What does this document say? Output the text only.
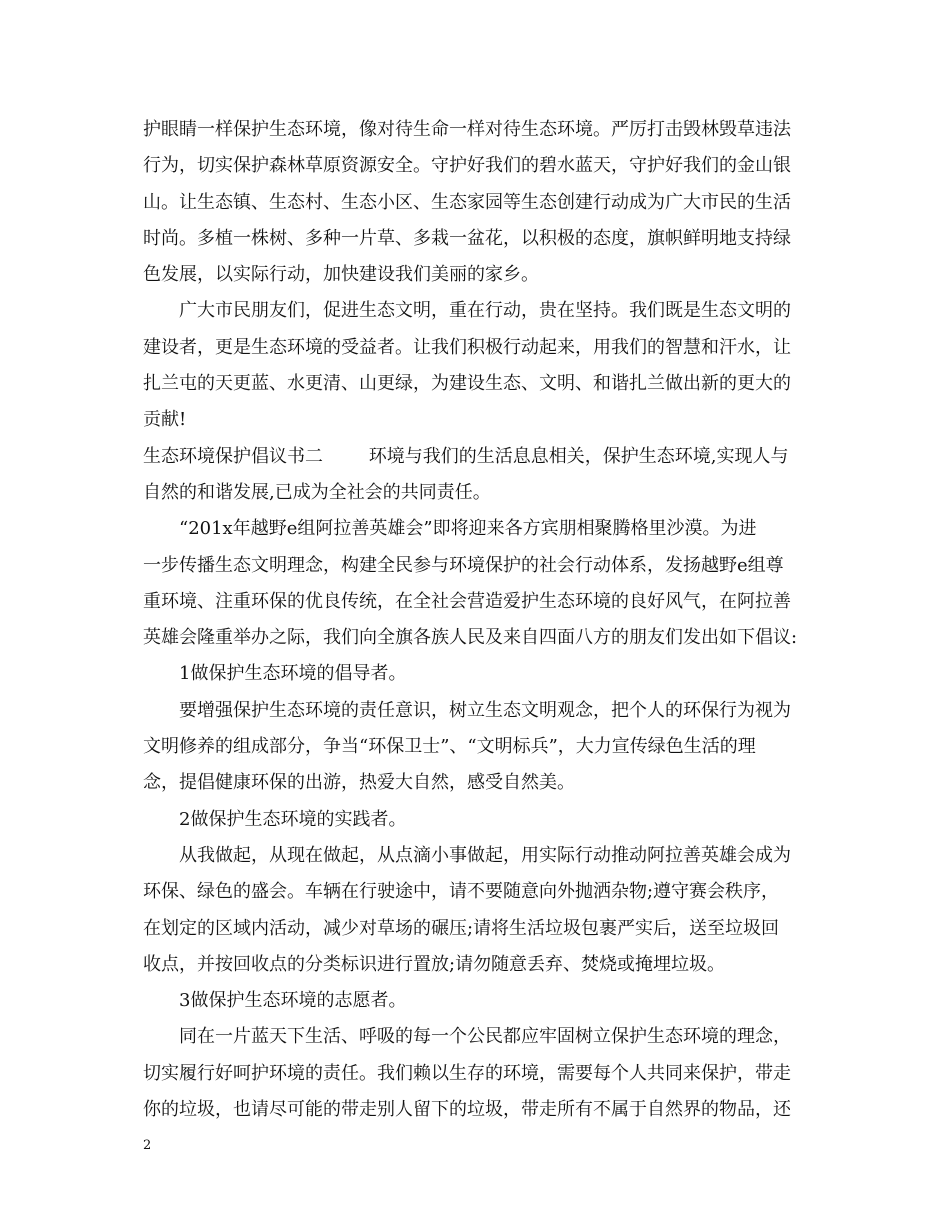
护眼睛一样保护生态环境，像对待生命一样对待生态环境。严厉打击毁林毁草违法
行为，切实保护森林草原资源安全。守护好我们的碧水蓝天，守护好我们的金山银
山。让生态镇、生态村、生态小区、生态家园等生态创建行动成为广大市民的生活
时尚。多植一株树、多种一片草、多栽一盆花，以积极的态度，旗帜鲜明地支持绿
色发展，以实际行动，加快建设我们美丽的家乡。
广大市民朋友们，促进生态文明，重在行动，贵在坚持。我们既是生态文明的
建设者，更是生态环境的受益者。让我们积极行动起来，用我们的智慧和汗水，让
扎兰屯的天更蓝、水更清、山更绿，为建设生态、文明、和谐扎兰做出新的更大的
贡献!
生态环境保护倡议书二        环境与我们的生活息息相关，保护生态环境,实现人与
自然的和谐发展,已成为全社会的共同责任。
“201x年越野e组阿拉善英雄会”即将迎来各方宾朋相聚腾格里沙漠。为进
一步传播生态文明理念，构建全民参与环境保护的社会行动体系，发扬越野e组尊
重环境、注重环保的优良传统，在全社会营造爱护生态环境的良好风气，在阿拉善
英雄会隆重举办之际，我们向全旗各族人民及来自四面八方的朋友们发出如下倡议:
1做保护生态环境的倡导者。
要增强保护生态环境的责任意识，树立生态文明观念，把个人的环保行为视为
文明修养的组成部分，争当“环保卫士”、“文明标兵”，大力宣传绿色生活的理
念，提倡健康环保的出游，热爱大自然，感受自然美。
2做保护生态环境的实践者。
从我做起，从现在做起，从点滴小事做起，用实际行动推动阿拉善英雄会成为
环保、绿色的盛会。车辆在行驶途中，请不要随意向外抛洒杂物;遵守赛会秩序，
在划定的区域内活动，减少对草场的碾压;请将生活垃圾包裹严实后，送至垃圾回
收点，并按回收点的分类标识进行置放;请勿随意丢弃、焚烧或掩埋垃圾。
3做保护生态环境的志愿者。
同在一片蓝天下生活、呼吸的每一个公民都应牢固树立保护生态环境的理念，
切实履行好呵护环境的责任。我们赖以生存的环境，需要每个人共同来保护，带走
你的垃圾，也请尽可能的带走别人留下的垃圾，带走所有不属于自然界的物品，还
2
